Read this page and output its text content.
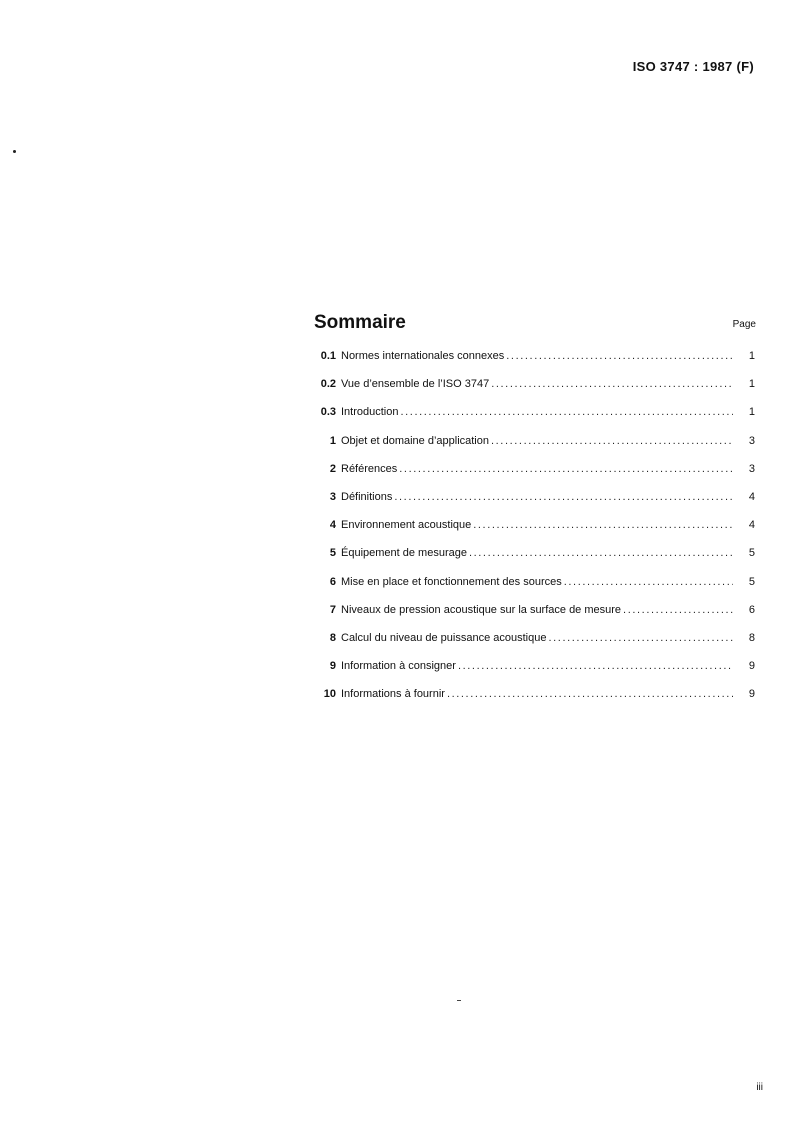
ISO 3747 : 1987 (F)
Sommaire	Page
0.1 Normes internationales connexes .....	1
0.2 Vue d’ensemble de l’ISO 3747 .....	1
0.3 Introduction .....	1
1 Objet et domaine d’application .....	3
2 Références .....	3
3 Définitions .....	4
4 Environnement acoustique .....	4
5 Équipement de mesurage .....	5
6 Mise en place et fonctionnement des sources .....	5
7 Niveaux de pression acoustique sur la surface de mesure .....	6
8 Calcul du niveau de puissance acoustique .....	8
9 Information à consigner .....	9
10 Informations à fournir .....	9
iii
